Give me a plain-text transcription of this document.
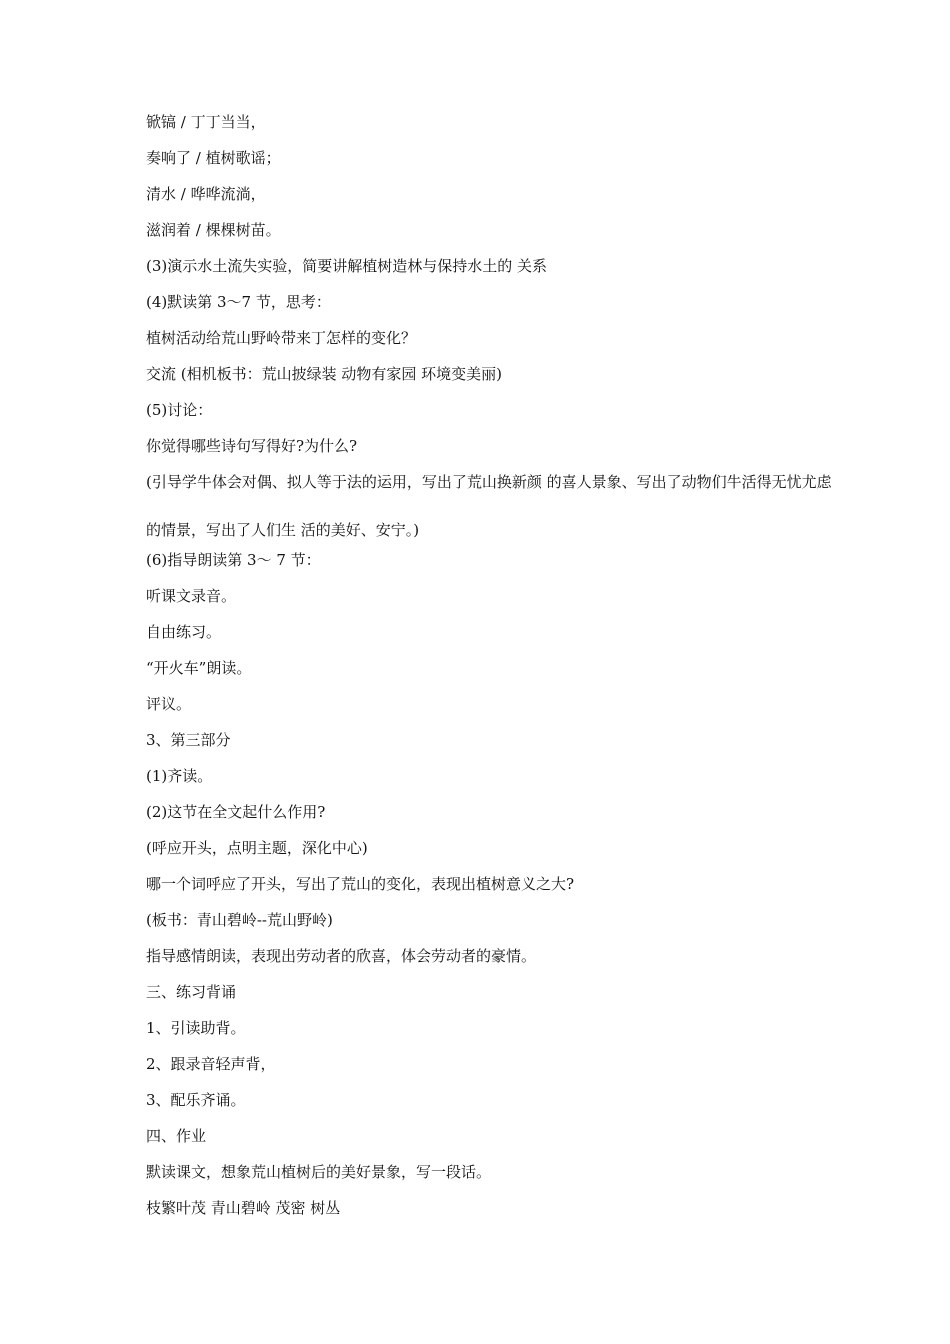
锨镐 / 丁丁当当，
奏响了 / 植树歌谣；
清水 / 哗哗流淌，
滋润着 / 棵棵树苗。
(3)演示水土流失实验，简要讲解植树造林与保持水土的 关系
(4)默读第 3～7 节，思考：
植树活动给荒山野岭带来丁怎样的变化？
交流 (相机板书：荒山披绿装 动物有家园 环境变美丽)
(5)讨论：
你觉得哪些诗句写得好?为什么?
(引导学牛体会对偶、拟人等于法的运用，写出了荒山换新颜 的喜人景象、写出了动物们牛活得无忧尤虑的情景，写出了人们生 活的美好、安宁。)
(6)指导朗读第 3～ 7 节：
听课文录音。
自由练习。
“开火车”朗读。
评议。
3、第三部分
(1)齐读。
(2)这节在全文起什么作用?
(呼应开头，点明主题，深化中心)
哪一个词呼应了开头，写出了荒山的变化，表现出植树意义之大?
(板书：青山碧岭--荒山野岭)
指导感情朗读，表现出劳动者的欣喜，体会劳动者的豪情。
三、练习背诵
1、引读助背。
2、跟录音轻声背，
3、配乐齐诵。
四、作业
默读课文，想象荒山植树后的美好景象，写一段话。
枝繁叶茂 青山碧岭 茂密 树丛
